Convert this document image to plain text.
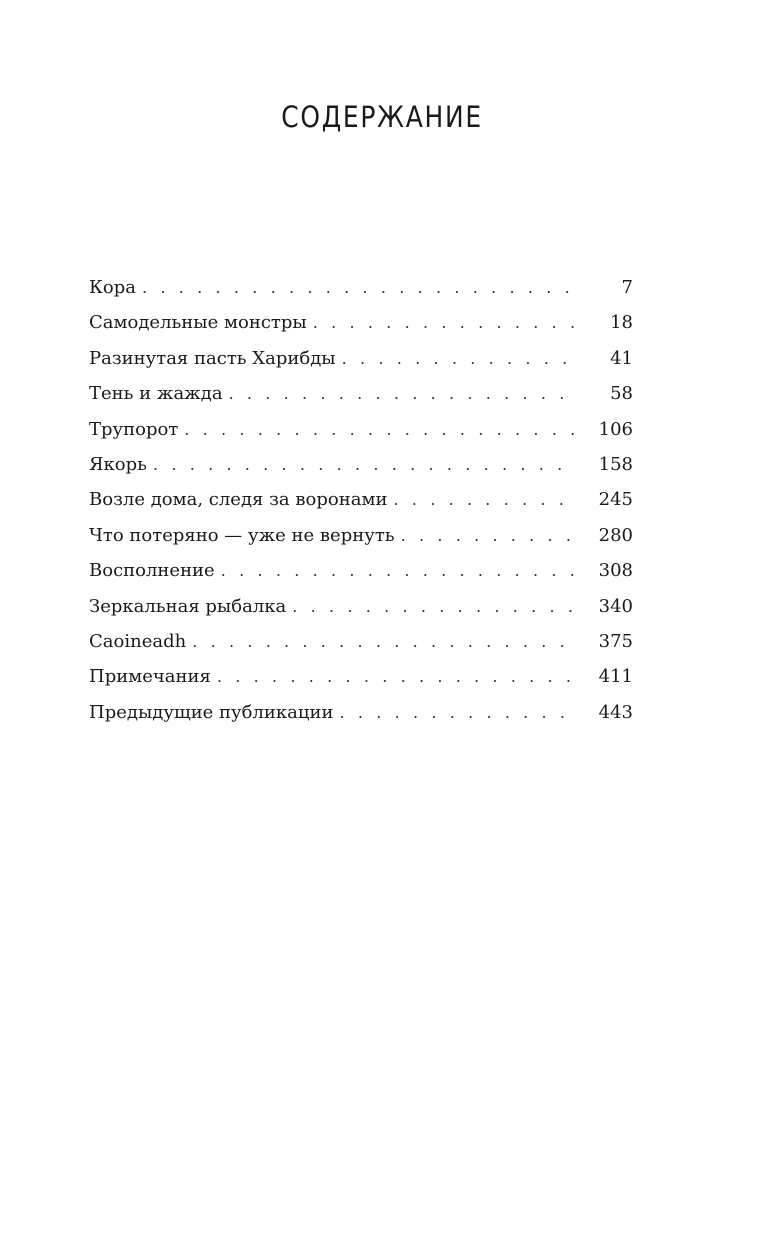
СОДЕРЖАНИЕ
Кора . . .	7
Самодельные монстры . . .	18
Разинутая пасть Харибды . . .	41
Тень и жажда . . .	58
Трупорот . . .	106
Якорь . . .	158
Возле дома, следя за воронами . . .	245
Что потеряно — уже не вернуть . . .	280
Восполнение . . .	308
Зеркальная рыбалка . . .	340
Caoineadh . . .	375
Примечания . . .	411
Предыдущие публикации . . .	443
